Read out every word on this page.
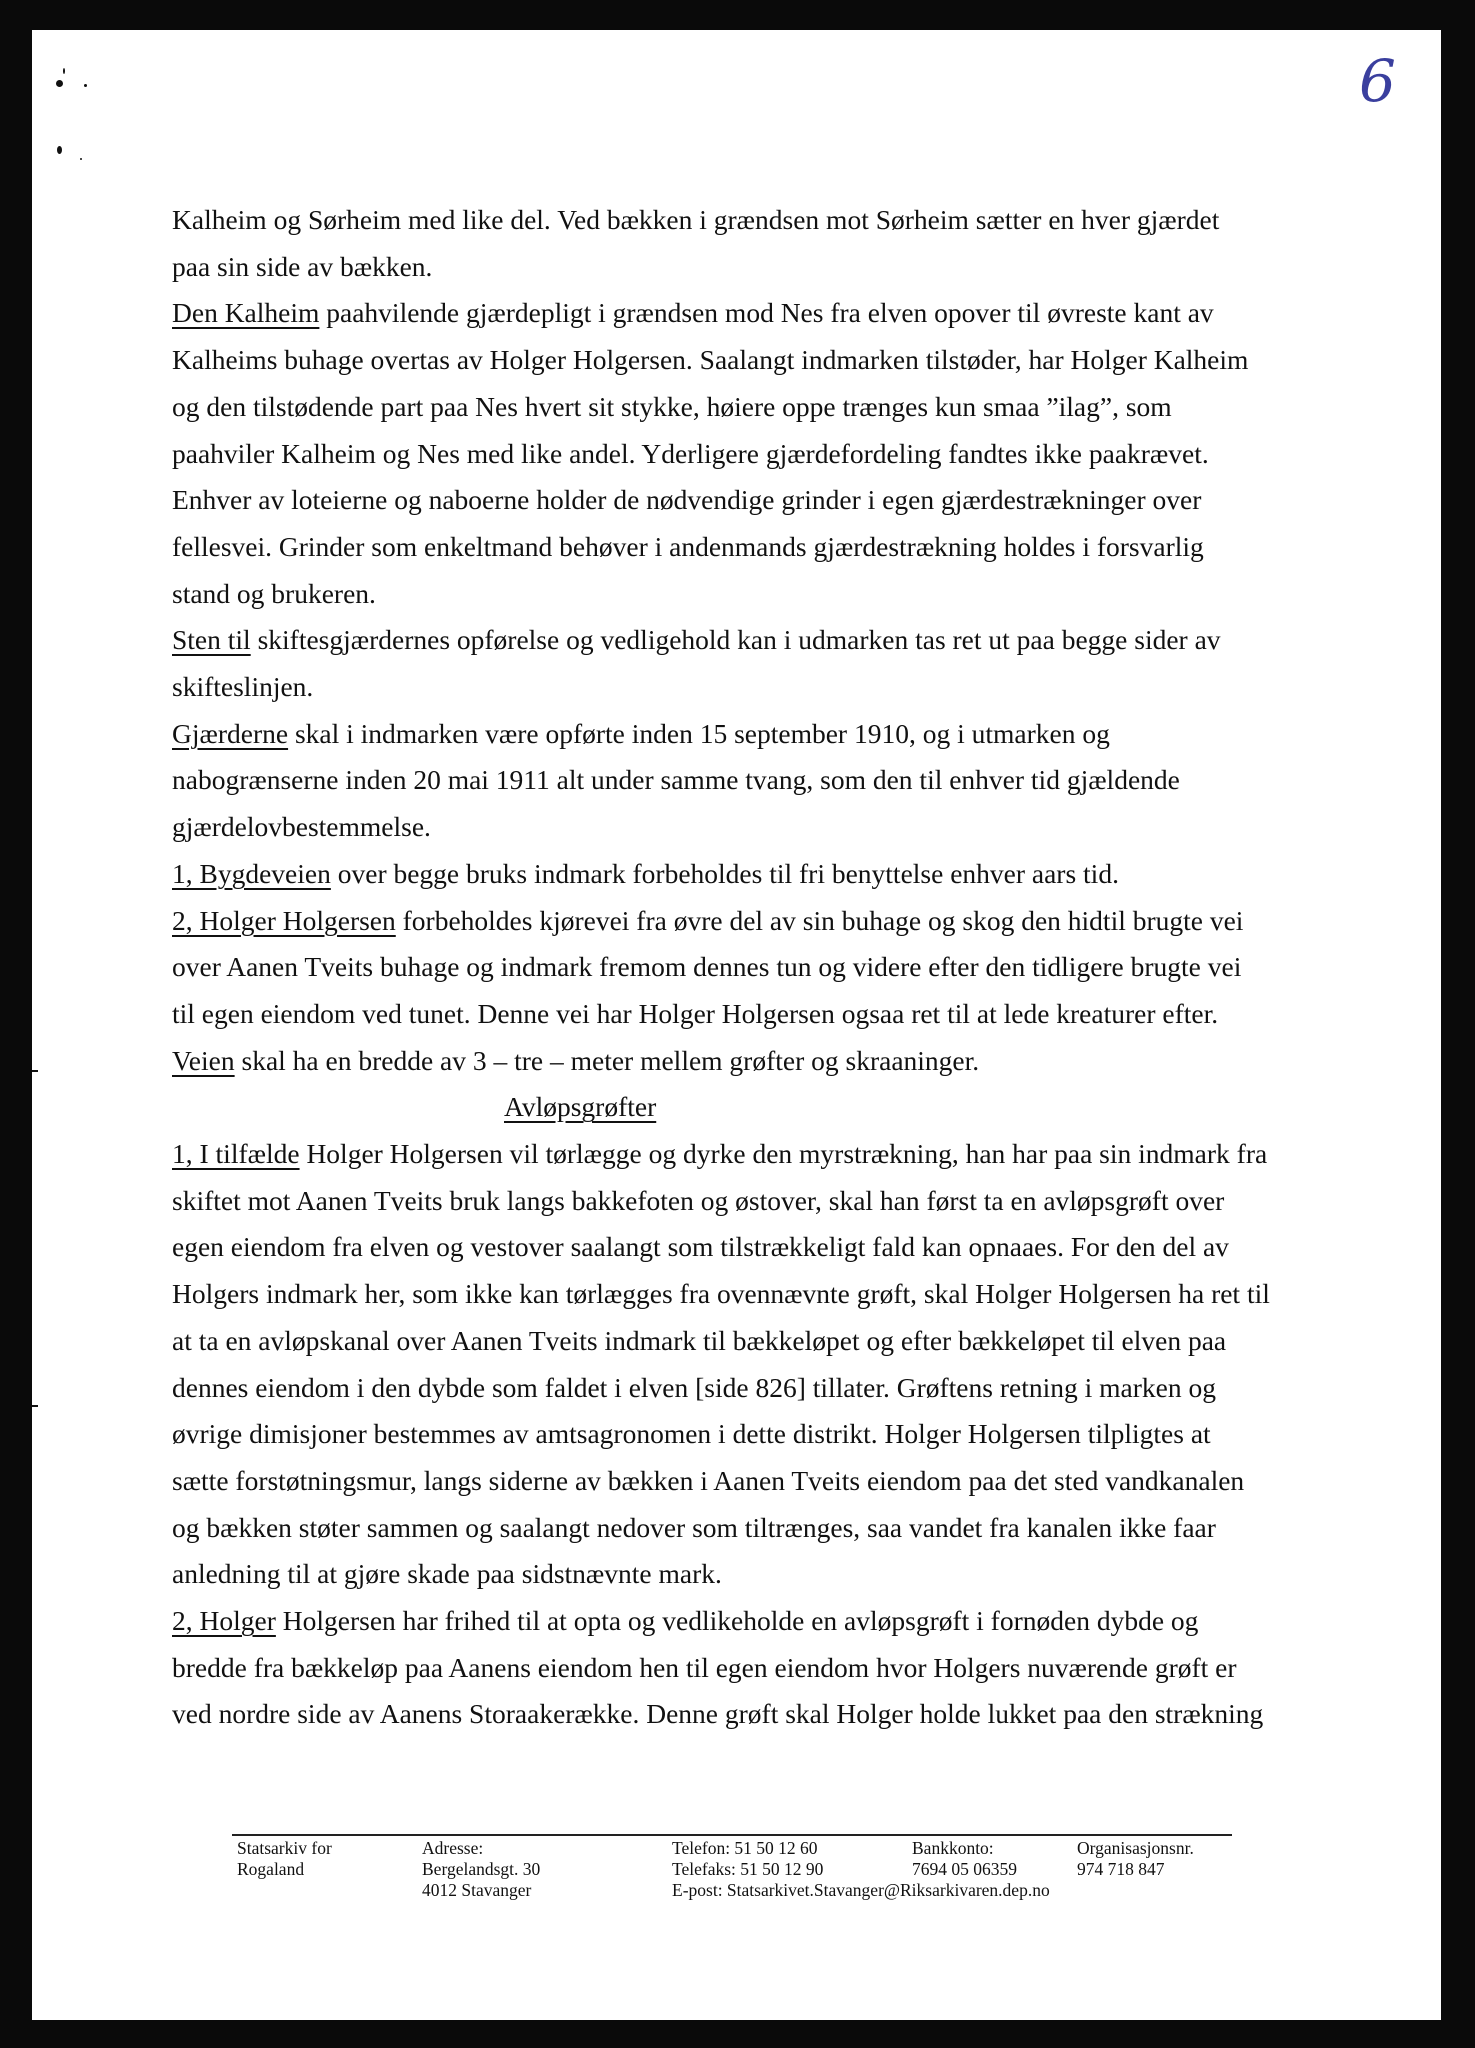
6
Kalheim og Sørheim med like del. Ved bækken i grændsen mot Sørheim sætter en hver gjærdet
paa sin side av bækken.
Den Kalheim paahvilende gjærdepligt i grændsen mod Nes fra elven opover til øvreste kant av
Kalheims buhage overtas av Holger Holgersen. Saalangt indmarken tilstøder, har Holger Kalheim
og den tilstødende part paa Nes hvert sit stykke, høiere oppe trænges kun smaa ”ilag”, som
paahviler Kalheim og Nes med like andel. Yderligere gjærdefordeling fandtes ikke paakrævet.
Enhver av loteierne og naboerne holder de nødvendige grinder i egen gjærdestrækninger over
fellesvei. Grinder som enkeltmand behøver i andenmands gjærdestrækning holdes i forsvarlig
stand og brukeren.
Sten til skiftesgjærdernes opførelse og vedligehold kan i udmarken tas ret ut paa begge sider av
skifteslinjen.
Gjærderne skal i indmarken være opførte inden 15 september 1910, og i utmarken og
nabogrænserne inden 20 mai 1911 alt under samme tvang, som den til enhver tid gjældende
gjærdelovbestemmelse.
1, Bygdeveien over begge bruks indmark forbeholdes til fri benyttelse enhver aars tid.
2, Holger Holgersen forbeholdes kjørevei fra øvre del av sin buhage og skog den hidtil brugte vei
over Aanen Tveits buhage og indmark fremom dennes tun og videre efter den tidligere brugte vei
til egen eiendom ved tunet. Denne vei har Holger Holgersen ogsaa ret til at lede kreaturer efter.
Veien skal ha en bredde av 3 – tre – meter mellem grøfter og skraaninger.
Avløpsgrøfter
1, I tilfælde Holger Holgersen vil tørlægge og dyrke den myrstrækning, han har paa sin indmark fra
skiftet mot Aanen Tveits bruk langs bakkefoten og østover, skal han først ta en avløpsgrøft over
egen eiendom fra elven og vestover saalangt som tilstrækkeligt fald kan opnaaes. For den del av
Holgers indmark her, som ikke kan tørlægges fra ovennævnte grøft, skal Holger Holgersen ha ret til
at ta en avløpskanal over Aanen Tveits indmark til bækkeløpet og efter bækkeløpet til elven paa
dennes eiendom i den dybde som faldet i elven [side 826] tillater. Grøftens retning i marken og
øvrige dimisjoner bestemmes av amtsagronomen i dette distrikt. Holger Holgersen tilpligtes at
sætte forstøtningsmur, langs siderne av bækken i Aanen Tveits eiendom paa det sted vandkanalen
og bækken støter sammen og saalangt nedover som tiltrænges, saa vandet fra kanalen ikke faar
anledning til at gjøre skade paa sidstnævnte mark.
2, Holger Holgersen har frihed til at opta og vedlikeholde en avløpsgrøft i fornøden dybde og
bredde fra bækkeløp paa Aanens eiendom hen til egen eiendom hvor Holgers nuværende grøft er
ved nordre side av Aanens Storaakerække. Denne grøft skal Holger holde lukket paa den strækning
Statsarkiv for
Rogaland
Adresse:
Bergelandsgt. 30
4012 Stavanger
Telefon: 51 50 12 60
Telefaks: 51 50 12 90
E-post: Statsarkivet.Stavanger@Riksarkivaren.dep.no
Bankkonto:
7694 05 06359
Organisasjonsnr.
974 718 847
